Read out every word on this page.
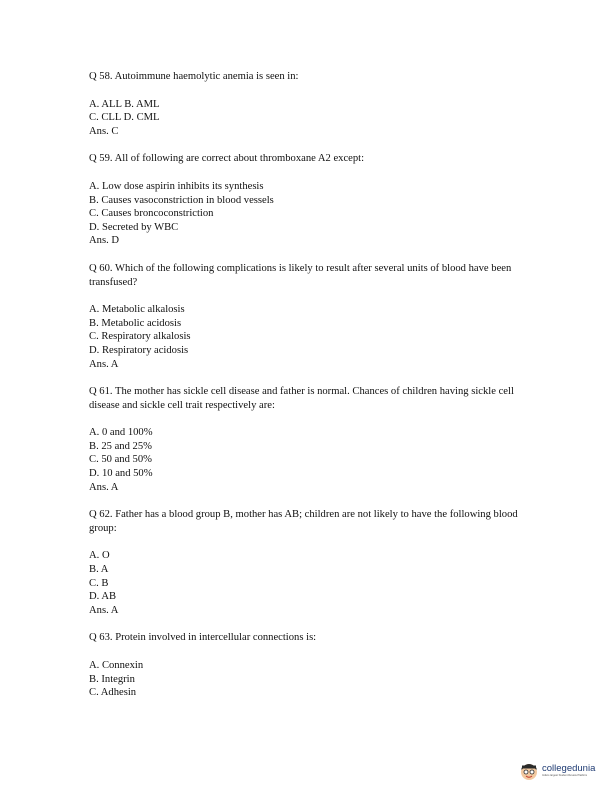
Q 58. Autoimmune haemolytic anemia is seen in:

A. ALL B. AML

C. CLL D. CML

Ans. C

Q 59. All of following are correct about thromboxane A2 except:

A. Low dose aspirin inhibits its synthesis

B. Causes vasoconstriction in blood vessels

C. Causes broncoconstriction

D. Secreted by WBC

Ans. D

Q 60. Which of the following complications is likely to result after several units of blood have been transfused?

A. Metabolic alkalosis

B. Metabolic acidosis

C. Respiratory alkalosis

D. Respiratory acidosis

Ans. A

Q 61. The mother has sickle cell disease and father is normal. Chances of children having sickle cell disease and sickle cell trait respectively are:

A. 0 and 100%

B. 25 and 25%

C. 50 and 50%

D. 10 and 50%

Ans. A

Q 62. Father has a blood group B, mother has AB; children are not likely to have the following blood group:

A. O

B. A

C. B

D. AB

Ans. A

Q 63. Protein involved in intercellular connections is:

A. Connexin

B. Integrin

C. Adhesin

collegedunia
India's largest Student Review Platform
